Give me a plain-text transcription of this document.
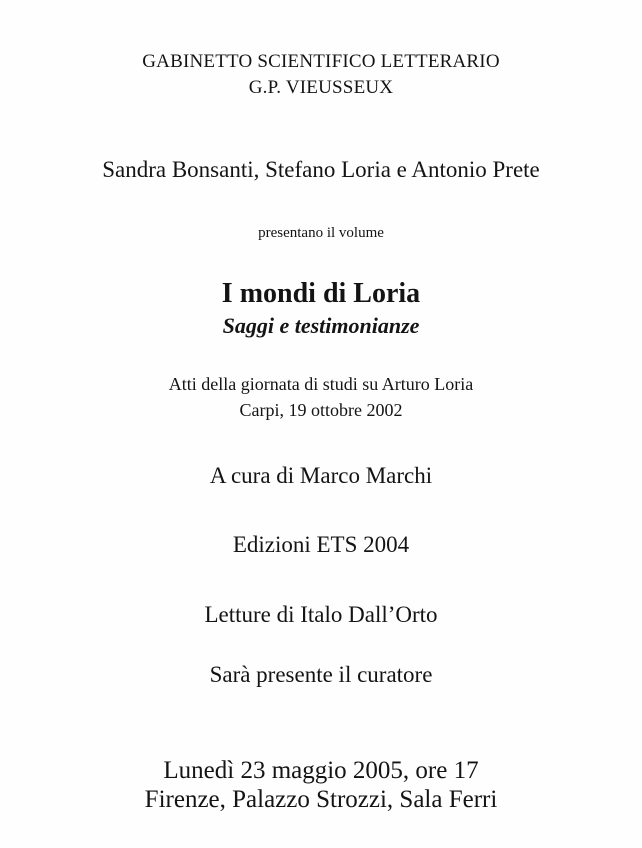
GABINETTO SCIENTIFICO LETTERARIO
G.P. VIEUSSEUX
Sandra Bonsanti, Stefano Loria e Antonio Prete
presentano il volume
I mondi di Loria
Saggi e testimonianze
Atti della giornata di studi su Arturo Loria
Carpi, 19 ottobre 2002
A cura di Marco Marchi
Edizioni ETS 2004
Letture di Italo Dall’Orto
Sarà presente il curatore
Lunedì 23 maggio 2005, ore 17
Firenze, Palazzo Strozzi, Sala Ferri
